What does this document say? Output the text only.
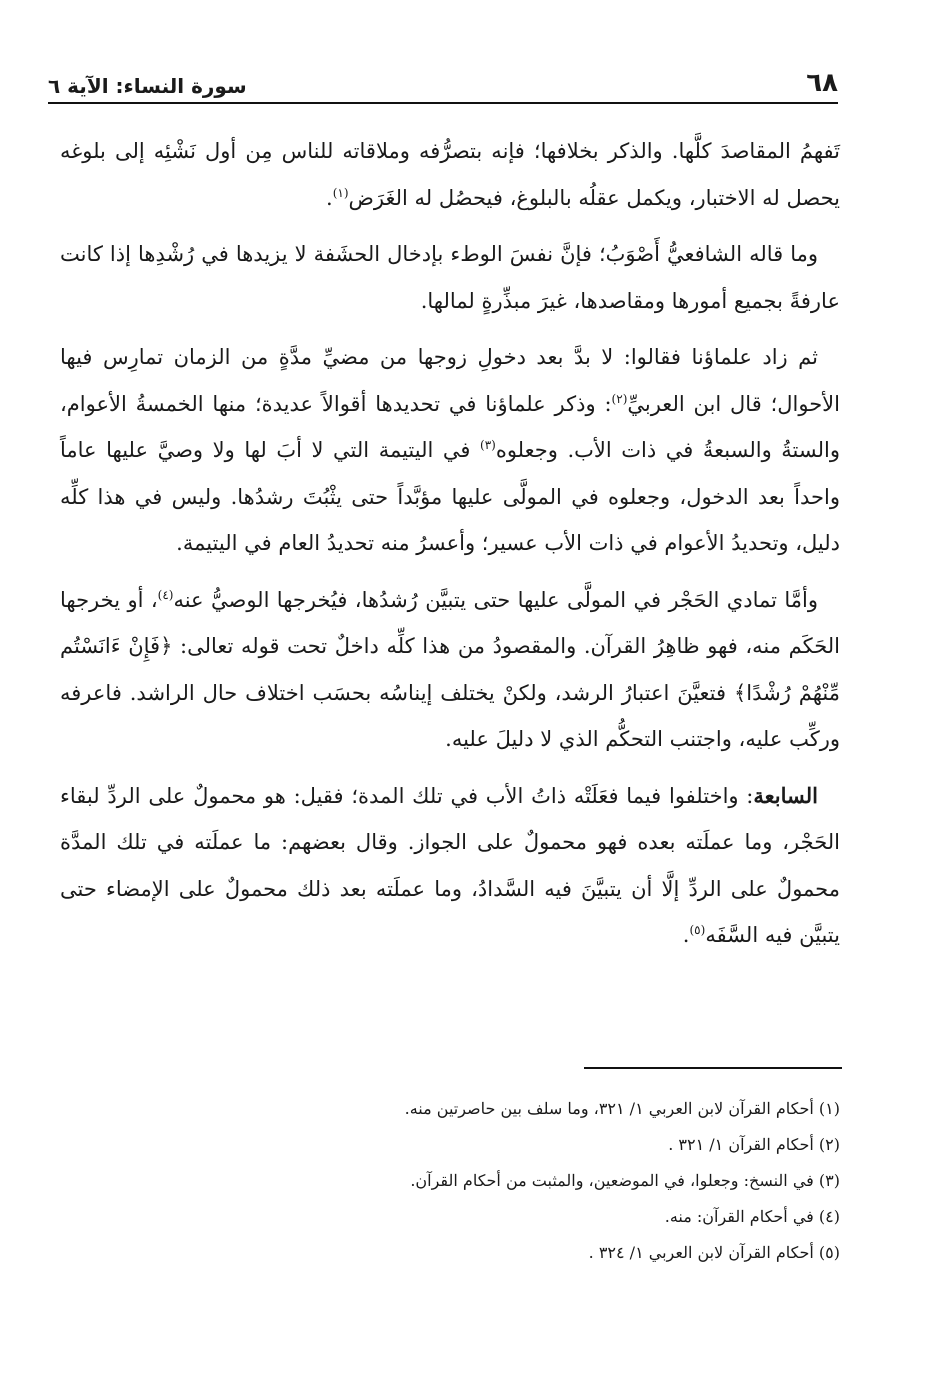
٦٨
سورة النساء: الآية ٦

تَفهمُ المقاصدَ كلَّها. والذكر بخلافها؛ فإنه بتصرُّفه وملاقاته للناس مِن أول نَشْئِه إلى بلوغه يحصل له الاختبار، ويكمل عقلُه بالبلوغ، فيحصُل له الغَرَض$^{(١)}$.

وما قاله الشافعيُّ أَصْوَبُ؛ فإنَّ نفسَ الوطء بإدخال الحشَفة لا يزيدها في رُشْدِها إذا كانت عارفةً بجميع أمورها ومقاصدها، غيرَ مبذِّرةٍ لمالها.

ثم زاد علماؤنا فقالوا: لا بدَّ بعد دخولِ زوجها من مضيِّ مدَّةٍ من الزمان تمارِس فيها الأحوال؛ قال ابن العربيِّ$^{(٢)}$: وذكر علماؤنا في تحديدها أقوالاً عديدة؛ منها الخمسةُ الأعوام، والستةُ والسبعةُ في ذات الأب. وجعلوه$^{(٣)}$ في اليتيمة التي لا أبَ لها ولا وصيَّ عليها عاماً واحداً بعد الدخول، وجعلوه في المولَّى عليها مؤبَّداً حتى يثْبُتَ رشدُها. وليس في هذا كلِّه دليل، وتحديدُ الأعوام في ذات الأب عسير؛ وأعسرُ منه تحديدُ العام في اليتيمة.

وأمَّا تمادي الحَجْر في المولَّى عليها حتى يتبيَّن رُشدُها، فيُخرجها الوصيُّ عنه$^{(٤)}$، أو يخرجها الحَكَم منه، فهو ظاهِرُ القرآن. والمقصودُ من هذا كلِّه داخلٌ تحت قوله تعالى: ﴿فَإِنْ ءَانَسْتُم مِّنْهُمْ رُشْدًا﴾ فتعيَّنَ اعتبارُ الرشد، ولكنْ يختلف إيناسُه بحسَب اختلاف حال الراشد. فاعرفه وركِّب عليه، واجتنب التحكُّم الذي لا دليلَ عليه.

السابعة: واختلفوا فيما فعَلَتْه ذاتُ الأب في تلك المدة؛ فقيل: هو محمولٌ على الردِّ لبقاء الحَجْر، وما عملَته بعده فهو محمولٌ على الجواز. وقال بعضهم: ما عملَته في تلك المدَّة محمولٌ على الردِّ إلَّا أن يتبيَّنَ فيه السَّدادُ، وما عملَته بعد ذلك محمولٌ على الإمضاء حتى يتبيَّن فيه السَّفَه$^{(٥)}$.

(١) أحكام القرآن لابن العربي ١/ ٣٢١، وما سلف بين حاصرتين منه.
(٢) أحكام القرآن ١/ ٣٢١ .
(٣) في النسخ: وجعلوا، في الموضعين، والمثبت من أحكام القرآن.
(٤) في أحكام القرآن: منه.
(٥) أحكام القرآن لابن العربي ١/ ٣٢٤ .
